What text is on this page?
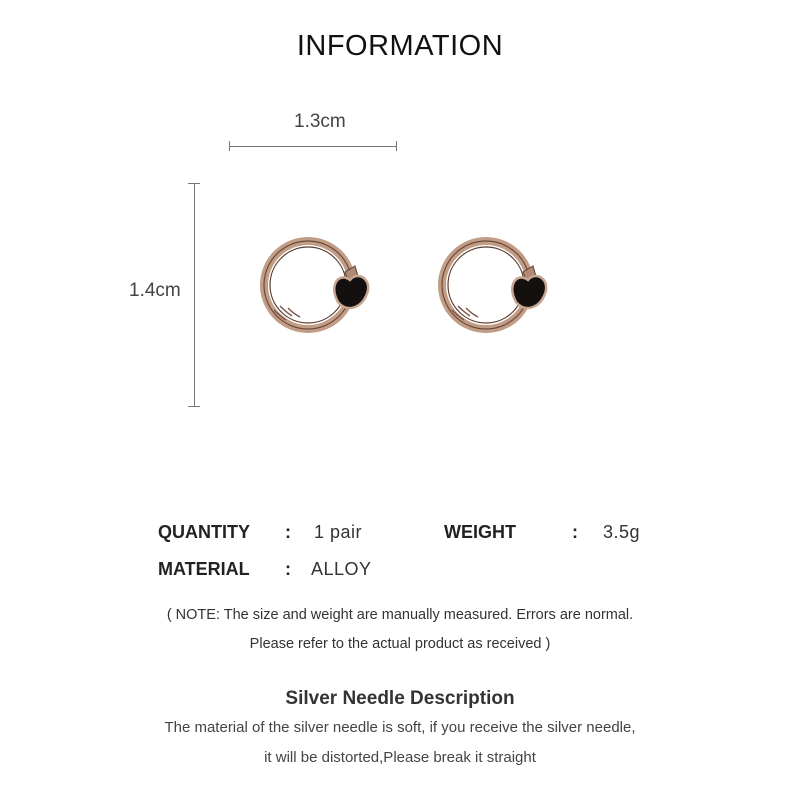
INFORMATION
1.3cm
1.4cm
QUANTITY : 1 pair	WEIGHT	: 3.5g
MATERIAL : ALLOY
( NOTE: The size and weight are manually measured. Errors are normal.
Please refer to the actual product as received )
Silver Needle Description
The material of the silver needle is soft, if you receive the silver needle,
it will be distorted,Please break it straight
